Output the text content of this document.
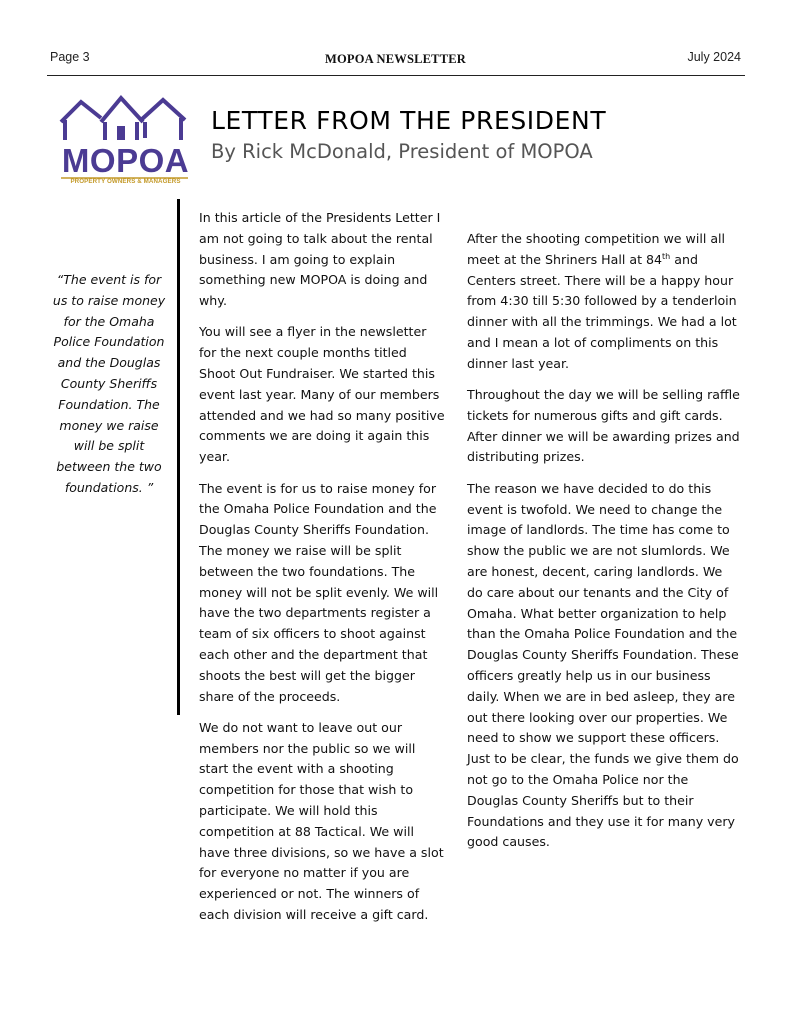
Page 3	MOPOA NEWSLETTER	July 2024
MOPOA
PROPERTY OWNERS & MANAGERS
LETTER FROM THE PRESIDENT
By Rick McDonald, President of MOPOA
“The event is for us to raise money for the Omaha Police Foundation and the Douglas County Sheriffs Foundation. The money we raise will be split between the two foundations. ”

In this article of the Presidents Letter I am not going to talk about the rental business. I am going to explain something new MOPOA is doing and why.

You will see a flyer in the newsletter for the next couple months titled Shoot Out Fundraiser. We started this event last year. Many of our members attended and we had so many positive comments we are doing it again this year.

The event is for us to raise money for the Omaha Police Foundation and the Douglas County Sheriffs Foundation. The money we raise will be split between the two foundations. The money will not be split evenly. We will have the two departments register a team of six officers to shoot against each other and the department that shoots the best will get the bigger share of the proceeds.

We do not want to leave out our members nor the public so we will start the event with a shooting competition for those that wish to participate. We will hold this competition at 88 Tactical. We will have three divisions, so we have a slot for everyone no matter if you are experienced or not. The winners of each division will receive a gift card.

After the shooting competition we will all meet at the Shriners Hall at 84th and Centers street. There will be a happy hour from 4:30 till 5:30 followed by a tenderloin dinner with all the trimmings. We had a lot and I mean a lot of compliments on this dinner last year.

Throughout the day we will be selling raffle tickets for numerous gifts and gift cards. After dinner we will be awarding prizes and distributing prizes.

The reason we have decided to do this event is twofold. We need to change the image of landlords. The time has come to show the public we are not slumlords. We are honest, decent, caring landlords. We do care about our tenants and the City of Omaha. What better organization to help than the Omaha Police Foundation and the Douglas County Sheriffs Foundation. These officers greatly help us in our business daily. When we are in bed asleep, they are out there looking over our properties. We need to show we support these officers. Just to be clear, the funds we give them do not go to the Omaha Police nor the Douglas County Sheriffs but to their Foundations and they use it for many very good causes.
